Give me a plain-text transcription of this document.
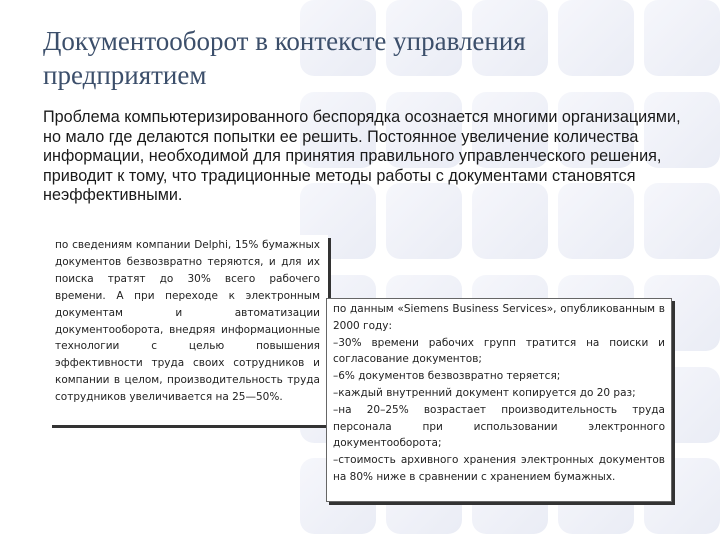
Документооборот в контексте управления предприятием

Проблема компьютеризированного беспорядка осознается многими организациями, но мало где делаются попытки ее решить. Постоянное увеличение количества информации, необходимой для принятия правильного управленческого решения, приводит к тому, что традиционные методы работы с документами становятся неэффективными.

по сведениям компании Delphi, 15% бумажных документов безвозвратно теряются, и для их поиска тратят до 30% всего рабочего времени. А при переходе к электронным документам и автоматизации документооборота, внедряя информационные технологии с целью повышения эффективности труда своих сотрудников и компании в целом, производительность труда сотрудников увеличивается на 25—50%.

по данным «Siemens Business Services», опубликованным в 2000 году:

–30% времени рабочих групп тратится на поиски и согласование документов;

–6% документов безвозвратно теряется;

–каждый внутренний документ копируется до 20 раз;

–на 20–25% возрастает производительность труда персонала при использовании электронного документооборота;

–стоимость архивного хранения электронных документов на 80% ниже в сравнении с хранением бумажных.
